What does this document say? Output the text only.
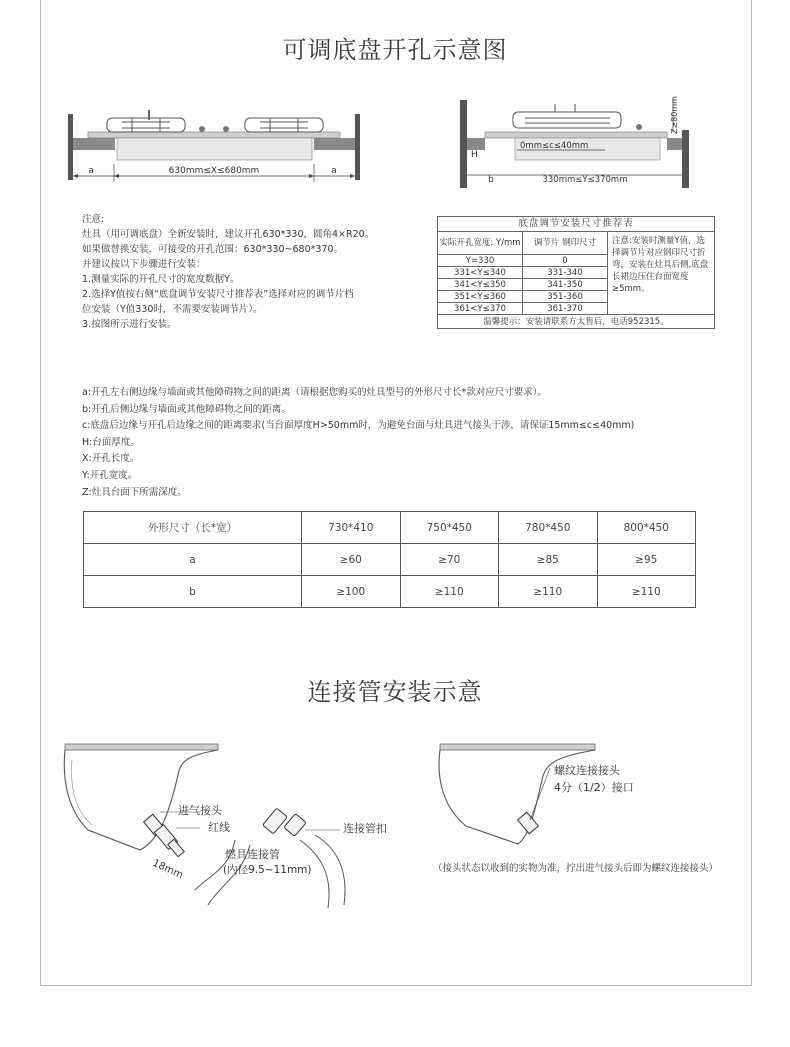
可调底盘开孔示意图
a	630mm≤X≤680mm	a
Z≥80mm
H
0mm≤c≤40mm
b	330mm≤Y≤370mm
注意:
灶具（用可调底盘）全新安装时，建议开孔630*330，圆角4×R20。
如果做替换安装，可接受的开孔范围：630*330~680*370。
并建议按以下步骤进行安装：
1.测量实际的开孔尺寸的宽度数据Y。
2.选择Y值按右侧“底盘调节安装尺寸推荐表”选择对应的调节片档
位安装（Y值330时，不需要安装调节片）。
3.按图所示进行安装。
底盘调节安装尺寸推荐表		
实际开孔宽度: Y/mm	调节片 钢印尺寸	注意:安装时测量Y值，选择调节片对应钢印尺寸折弯，安装在灶具后侧,底盘长裙边压住台面宽度≥5mm。
Y=330	0	
331<Y≤340	331-340	
341<Y≤350	341-350	
351<Y≤360	351-360	
361<Y≤370	361-370	
温馨提示：安装请联系方太售后，电话952315。		
a:开孔左右侧边缘与墙面或其他障碍物之间的距离（请根据您购买的灶具型号的外形尺寸长*款对应尺寸要求）。
b:开孔后侧边缘与墙面或其他障碍物之间的距离。
c:底盘后边缘与开孔后边缘之间的距离要求(当台面厚度H>50mm时，为避免台面与灶具进气接头干涉，请保证15mm≤c≤40mm)
H:台面厚度。
X:开孔长度。
Y:开孔宽度。
Z:灶具台面下所需深度。
外形尺寸（长*宽）	730*410	750*450	780*450	800*450
a	≥60	≥70	≥85	≥95
b	≥100	≥110	≥110	≥110
连接管安装示意
进气接头
红线
18mm
燃具连接管
(内径9.5~11mm)
连接管扣
螺纹连接接头
4分（1/2）接口
（接头状态以收到的实物为准，拧出进气接头后即为螺纹连接接头）
